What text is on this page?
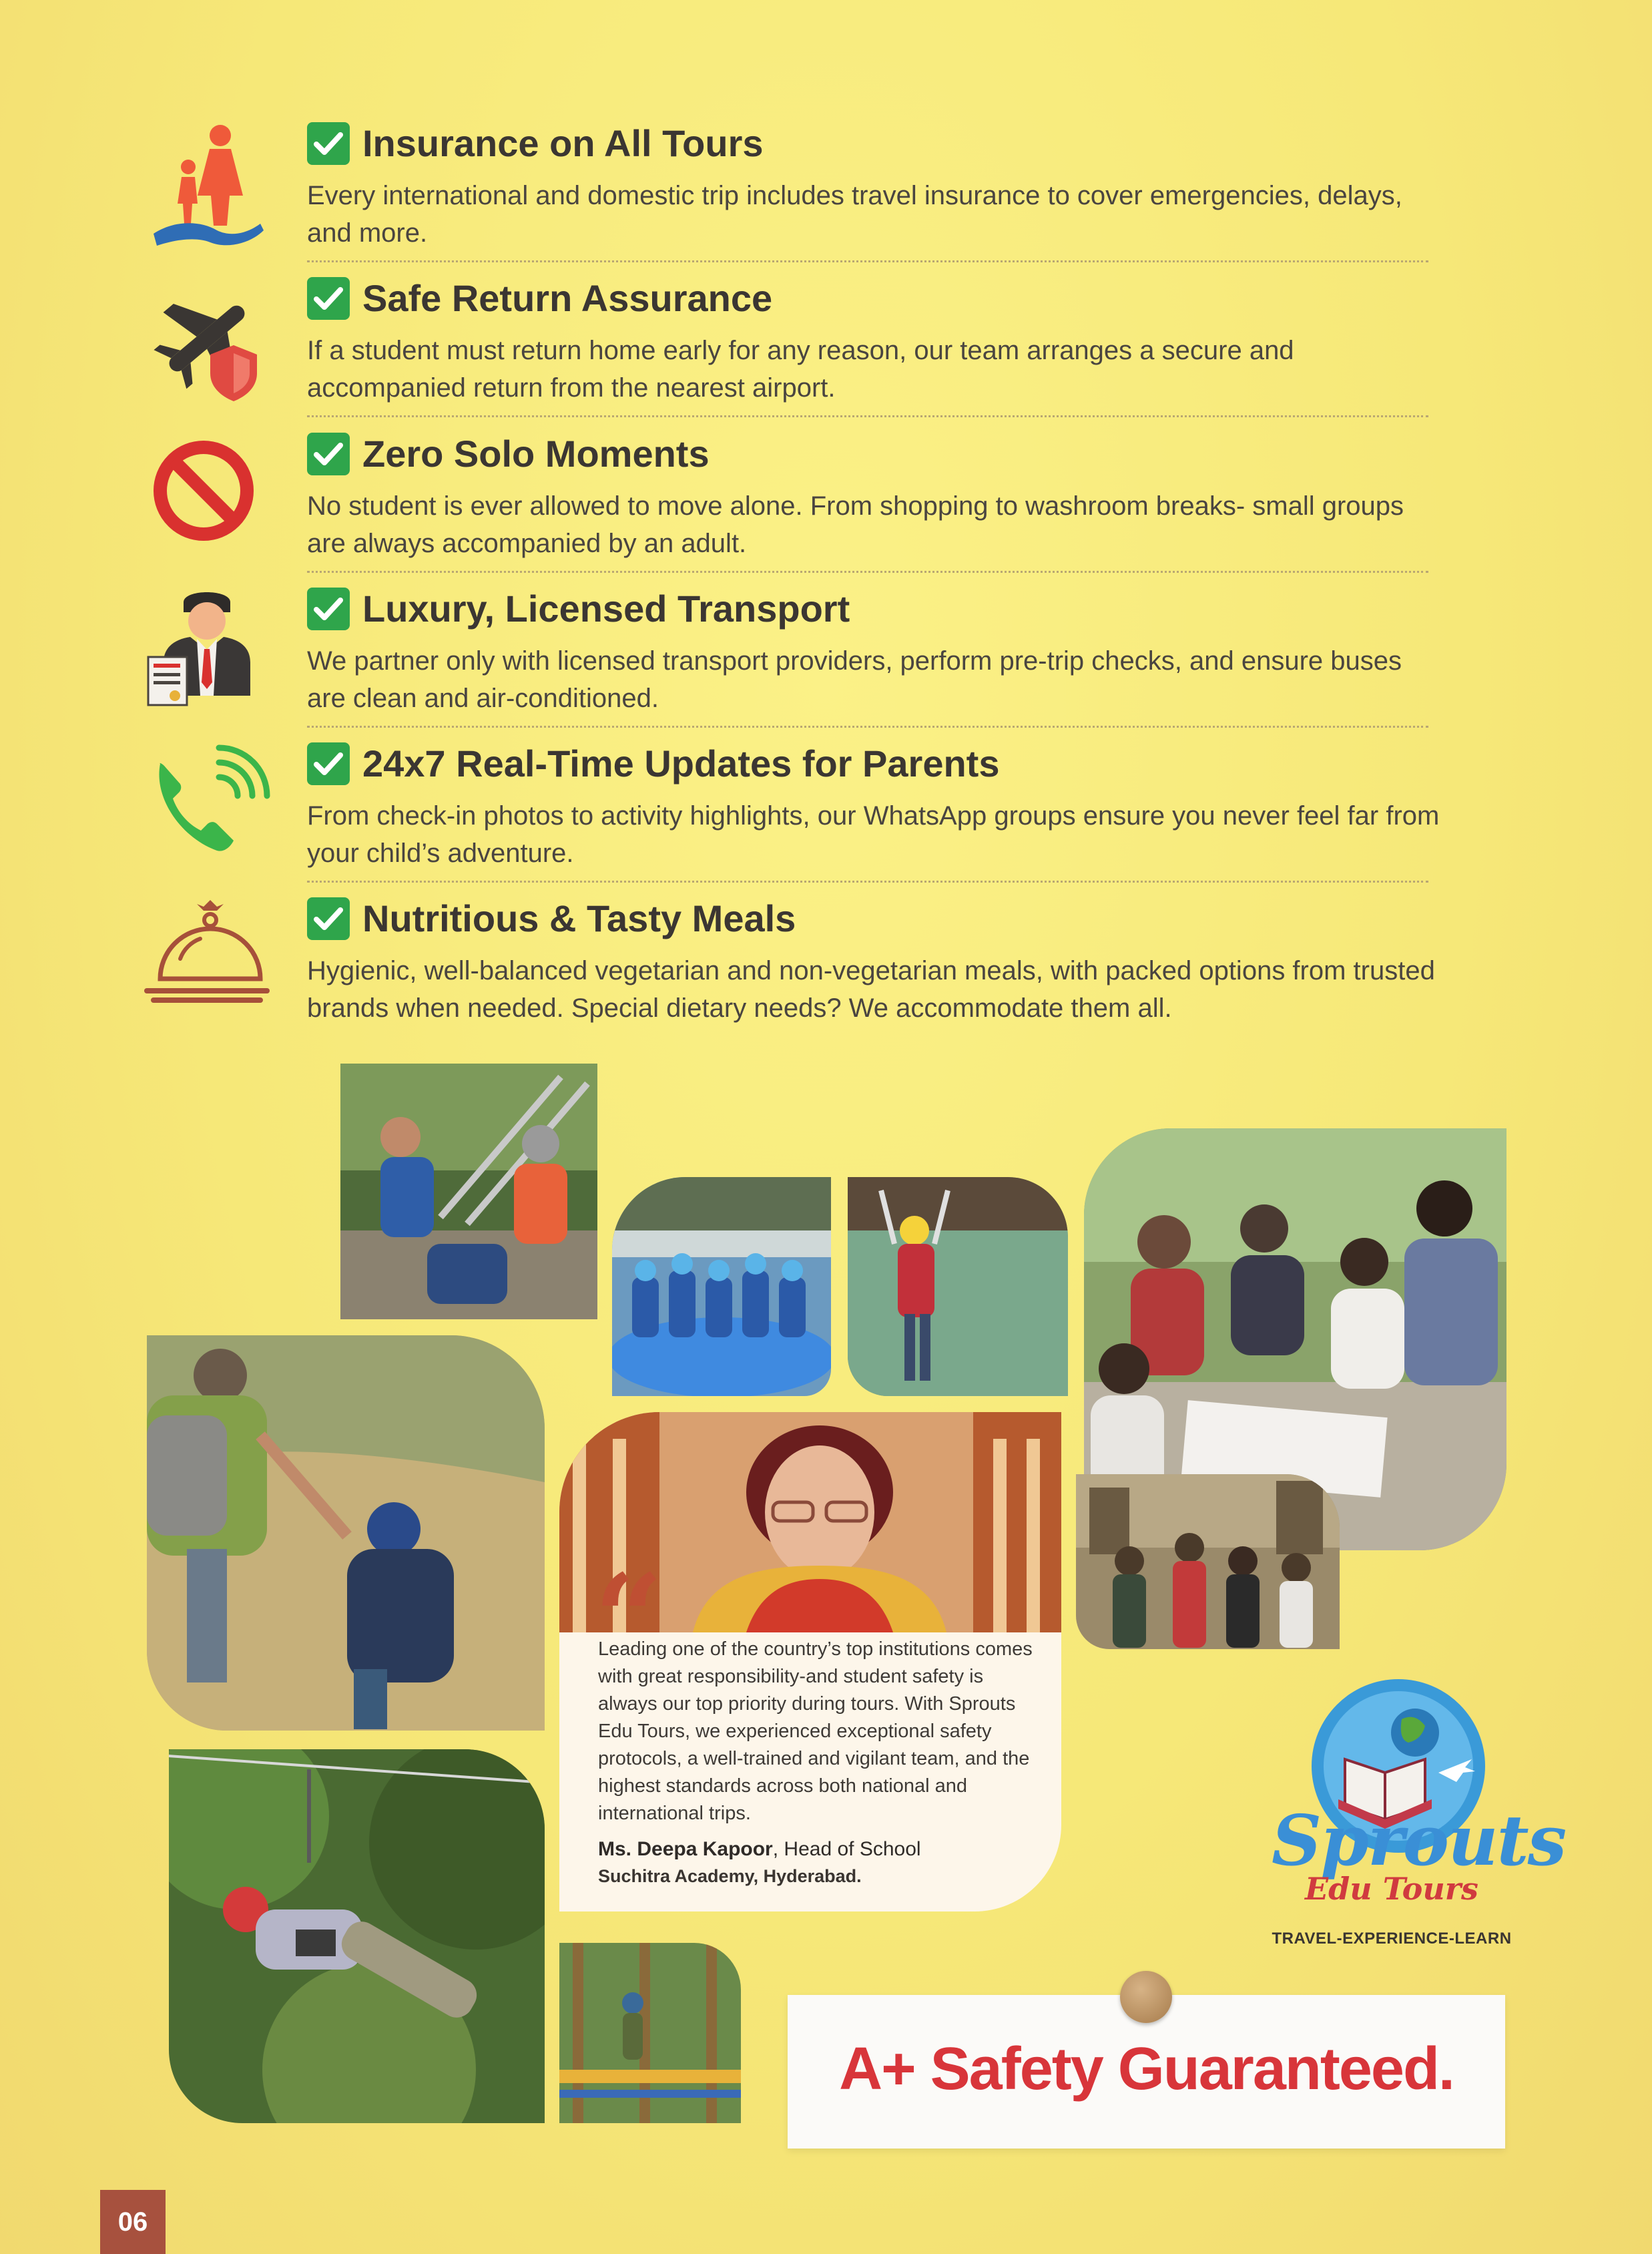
Insurance on All Tours
Every international and domestic trip includes travel insurance to cover emergencies, delays, and more.
Safe Return Assurance
If a student must return home early for any reason, our team arranges a secure and accompanied return from the nearest airport.
Zero Solo Moments
No student is ever allowed to move alone. From shopping to washroom breaks- small groups are always accompanied by an adult.
Luxury, Licensed Transport
We partner only with licensed transport providers, perform pre-trip checks, and ensure buses are clean and air-conditioned.
24x7 Real-Time Updates for Parents
From check-in photos to activity highlights, our WhatsApp groups ensure you never feel far from your child’s adventure.
Nutritious & Tasty Meals
Hygienic, well-balanced vegetarian and non-vegetarian meals, with packed options from trusted brands when needed. Special dietary needs? We accommodate them all.
“
Leading one of the country’s top institutions comes with great responsibility-and student safety is always our top priority during tours. With Sprouts Edu Tours, we experienced exceptional safety protocols, a well-trained and vigilant team, and the highest standards across both national and international trips.
Ms. Deepa Kapoor, Head of School
Suchitra Academy, Hyderabad.	Sprouts
Edu Tours
TRAVEL-EXPERIENCE-LEARN
A+ Safety Guaranteed.
06
